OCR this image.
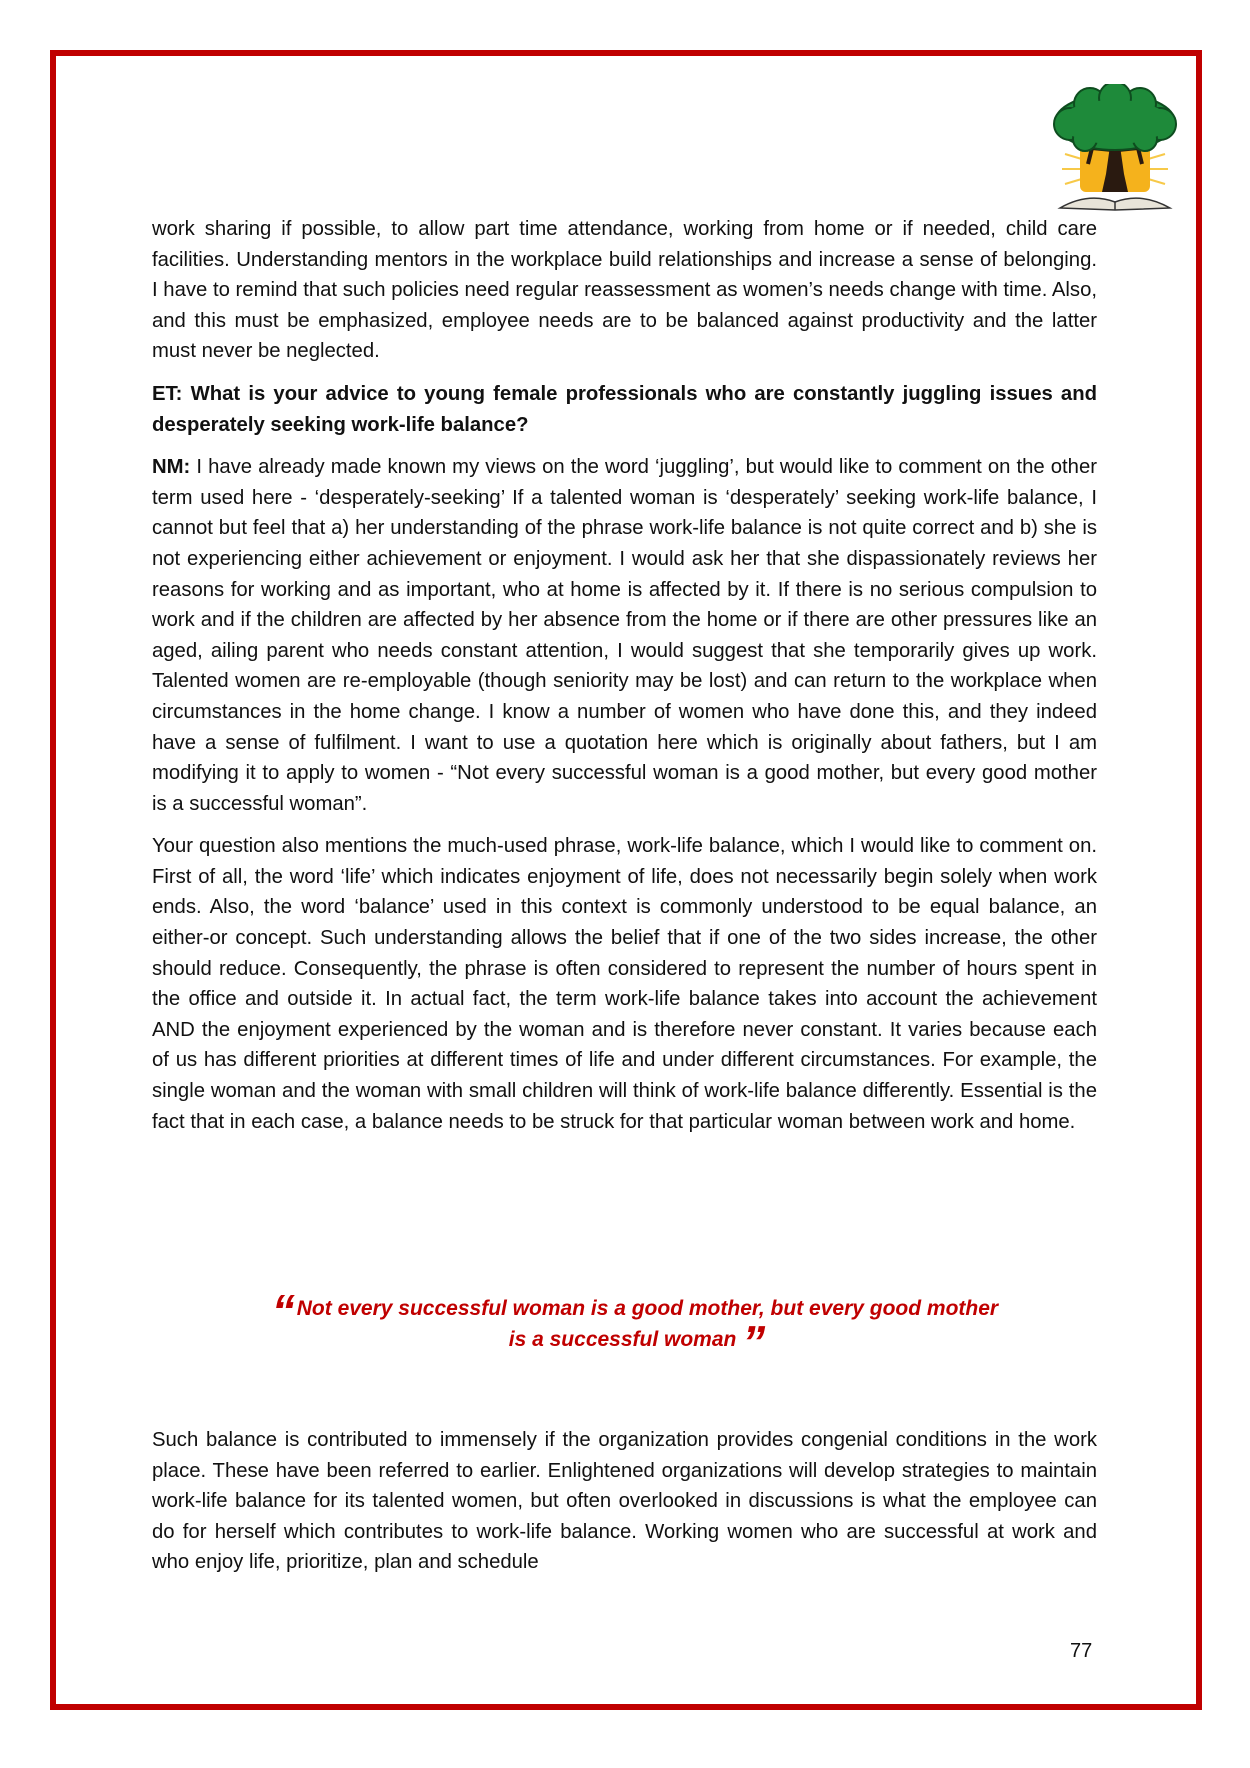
work sharing if possible, to allow part time attendance, working from home or if needed, child care facilities. Understanding mentors in the workplace build relationships and increase a sense of belonging. I have to remind that such policies need regular reassessment as women’s needs change with time. Also, and this must be emphasized, employee needs are to be balanced against productivity and the latter must never be neglected.

ET: What is your advice to young female professionals who are constantly juggling issues and desperately seeking work-life balance?

NM: I have already made known my views on the word ‘juggling’, but would like to comment on the other term used here - ‘desperately-seeking’ If a talented woman is ‘desperately’ seeking work-life balance, I cannot but feel that a) her understanding of the phrase work-life balance is not quite correct and b) she is not experiencing either achievement or enjoyment. I would ask her that she dispassionately reviews her reasons for working and as important, who at home is affected by it. If there is no serious compulsion to work and if the children are affected by her absence from the home or if there are other pressures like an aged, ailing parent who needs constant attention, I would suggest that she temporarily gives up work. Talented women are re-employable (though seniority may be lost) and can return to the workplace when circumstances in the home change. I know a number of women who have done this, and they indeed have a sense of fulfilment. I want to use a quotation here which is originally about fathers, but I am modifying it to apply to women - “Not every successful woman is a good mother, but every good mother is a successful woman”.

Your question also mentions the much-used phrase, work-life balance, which I would like to comment on. First of all, the word ‘life’ which indicates enjoyment of life, does not necessarily begin solely when work ends. Also, the word ‘balance’ used in this context is commonly understood to be equal balance, an either-or concept. Such understanding allows the belief that if one of the two sides increase, the other should reduce. Consequently, the phrase is often considered to represent the number of hours spent in the office and outside it. In actual fact, the term work-life balance takes into account the achievement AND the enjoyment experienced by the woman and is therefore never constant. It varies because each of us has different priorities at different times of life and under different circumstances. For example, the single woman and the woman with small children will think of work-life balance differently. Essential is the fact that in each case, a balance needs to be struck for that particular woman between work and home.

“ Not every successful woman is a good mother, but every good mother
is a successful woman ”

Such balance is contributed to immensely if the organization provides congenial conditions in the work place. These have been referred to earlier. Enlightened organizations will develop strategies to maintain work-life balance for its talented women, but often overlooked in discussions is what the employee can do for herself which contributes to work-life balance. Working women who are successful at work and who enjoy life, prioritize, plan and schedule

77
